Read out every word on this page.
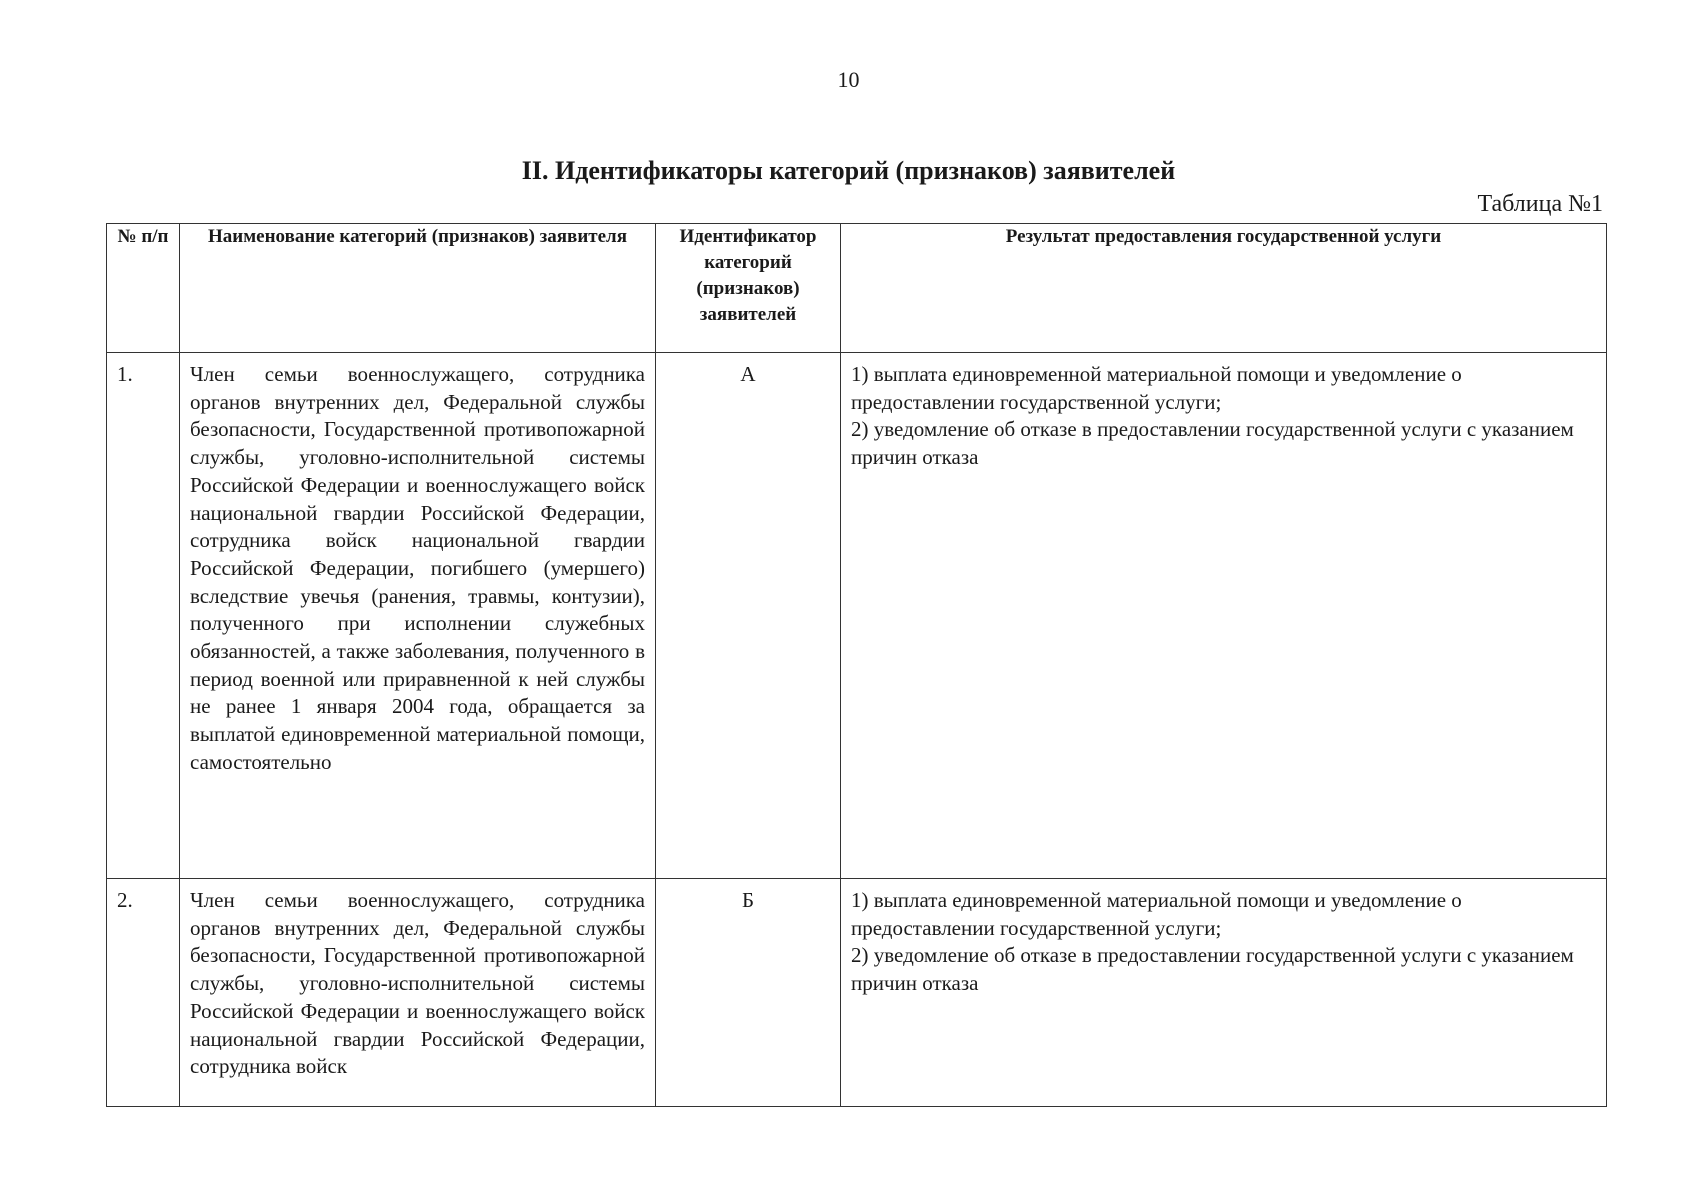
10
II. Идентификаторы категорий (признаков) заявителей
Таблица №1
№ п/п	Наименование категорий (признаков) заявителя	Идентификатор категорий (признаков) заявителей	Результат предоставления государственной услуги
1.	Член семьи военнослужащего, сотрудника органов внутренних дел, Федеральной службы безопасности, Государственной противопожарной службы, уголовно-исполнительной системы Российской Федерации и военнослужащего войск национальной гвардии Российской Федерации, сотрудника войск национальной гвардии Российской Федерации, погибшего (умершего) вследствие увечья (ранения, травмы, контузии), полученного при исполнении служебных обязанностей, а также заболевания, полученного в период военной или приравненной к ней службы не ранее 1 января 2004 года, обращается за выплатой единовременной материальной помощи, самостоятельно	А	1) выплата единовременной материальной помощи и уведомление о предоставлении государственной услуги;
2) уведомление об отказе в предоставлении государственной услуги с указанием причин отказа

2.	Член семьи военнослужащего, сотрудника органов внутренних дел, Федеральной службы безопасности, Государственной противопожарной службы, уголовно-исполнительной системы Российской Федерации и военнослужащего войск национальной гвардии Российской Федерации, сотрудника войск	Б	1) выплата единовременной материальной помощи и уведомление о предоставлении государственной услуги;
2) уведомление об отказе в предоставлении государственной услуги с указанием причин отказа
